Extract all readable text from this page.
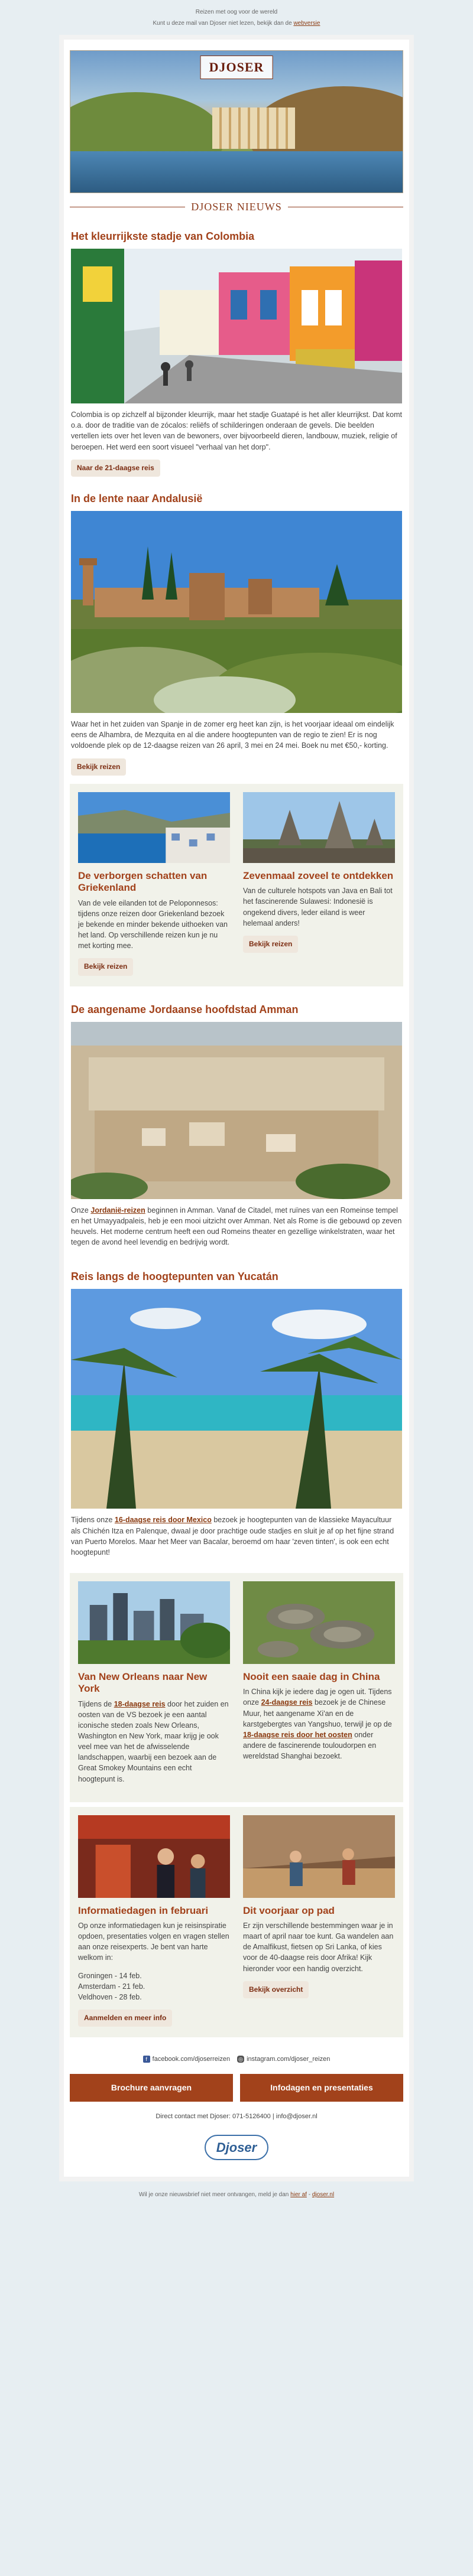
Reizen met oog voor de wereld
Kunt u deze mail van Djoser niet lezen, bekijk dan de webversie
DJOSER
DJOSER NIEUWS
Het kleurrijkste stadje van Colombia

Colombia is op zichzelf al bijzonder kleurrijk, maar het stadje Guatapé is het aller kleurrijkst. Dat komt o.a. door de traditie van de zócalos: reliëfs of schilderingen onderaan de gevels. Die beelden vertellen iets over het leven van de bewoners, over bijvoorbeeld dieren, landbouw, muziek, religie of beroepen. Het werd een soort visueel "verhaal van het dorp".

Naar de 21-daagse reis
In de lente naar Andalusië

Waar het in het zuiden van Spanje in de zomer erg heet kan zijn, is het voorjaar ideaal om eindelijk eens de Alhambra, de Mezquita en al die andere hoogtepunten van de regio te zien! Er is nog voldoende plek op de 12-daagse reizen van 26 april, 3 mei en 24 mei. Boek nu met €50,- korting.

Bekijk reizen
De verborgen schatten van Griekenland

Van de vele eilanden tot de Peloponnesos: tijdens onze reizen door Griekenland bezoek je bekende en minder bekende uithoeken van het land. Op verschillende reizen kun je nu met korting mee.

Bekijk reizen
Zevenmaal zoveel te ontdekken

Van de culturele hotspots van Java en Bali tot het fascinerende Sulawesi: Indonesië is ongekend divers, leder eiland is weer helemaal anders!

Bekijk reizen
De aangename Jordaanse hoofdstad Amman

Onze Jordanië-reizen beginnen in Amman. Vanaf de Citadel, met ruïnes van een Romeinse tempel en het Umayyadpaleis, heb je een mooi uitzicht over Amman. Net als Rome is die gebouwd op zeven heuvels. Het moderne centrum heeft een oud Romeins theater en gezellige winkelstraten, waar het tegen de avond heel levendig en bedrijvig wordt.

Reis langs de hoogtepunten van Yucatán

Tijdens onze 16-daagse reis door Mexico bezoek je hoogtepunten van de klassieke Mayacultuur als Chichén Itza en Palenque, dwaal je door prachtige oude stadjes en sluit je af op het fijne strand van Puerto Morelos. Maar het Meer van Bacalar, beroemd om haar 'zeven tinten', is ook een echt hoogtepunt!

Van New Orleans naar New York

Tijdens de 18-daagse reis door het zuiden en oosten van de VS bezoek je een aantal iconische steden zoals New Orleans, Washington en New York, maar krijg je ook veel mee van het de afwisselende landschappen, waarbij een bezoek aan de Great Smokey Mountains een echt hoogtepunt is.

Nooit een saaie dag in China

In China kijk je iedere dag je ogen uit. Tijdens onze 24-daagse reis bezoek je de Chinese Muur, het aangename Xi'an en de karstgebergtes van Yangshuo, terwijl je op de 18-daagse reis door het oosten onder andere de fascinerende touloudorpen en wereldstad Shanghai bezoekt.

Informatiedagen in februari

Op onze informatiedagen kun je reisinspiratie opdoen, presentaties volgen en vragen stellen aan onze reisexperts. Je bent van harte welkom in:

Groningen - 14 feb.
Amsterdam - 21 feb.
Veldhoven - 28 feb.

Aanmelden en meer info
Dit voorjaar op pad

Er zijn verschillende bestemmingen waar je in maart of april naar toe kunt. Ga wandelen aan de Amalfikust, fietsen op Sri Lanka, of kies voor de 40-daagse reis door Afrika! Kijk hieronder voor een handig overzicht.

Bekijk overzicht
f facebook.com/djoserreizen ◎ instagram.com/djoser_reizen
Brochure aanvragen	Infodagen en presentaties
Direct contact met Djoser: 071-5126400 | info@djoser.nl
Djoser
Wil je onze nieuwsbrief niet meer ontvangen, meld je dan hier af - djoser.nl
